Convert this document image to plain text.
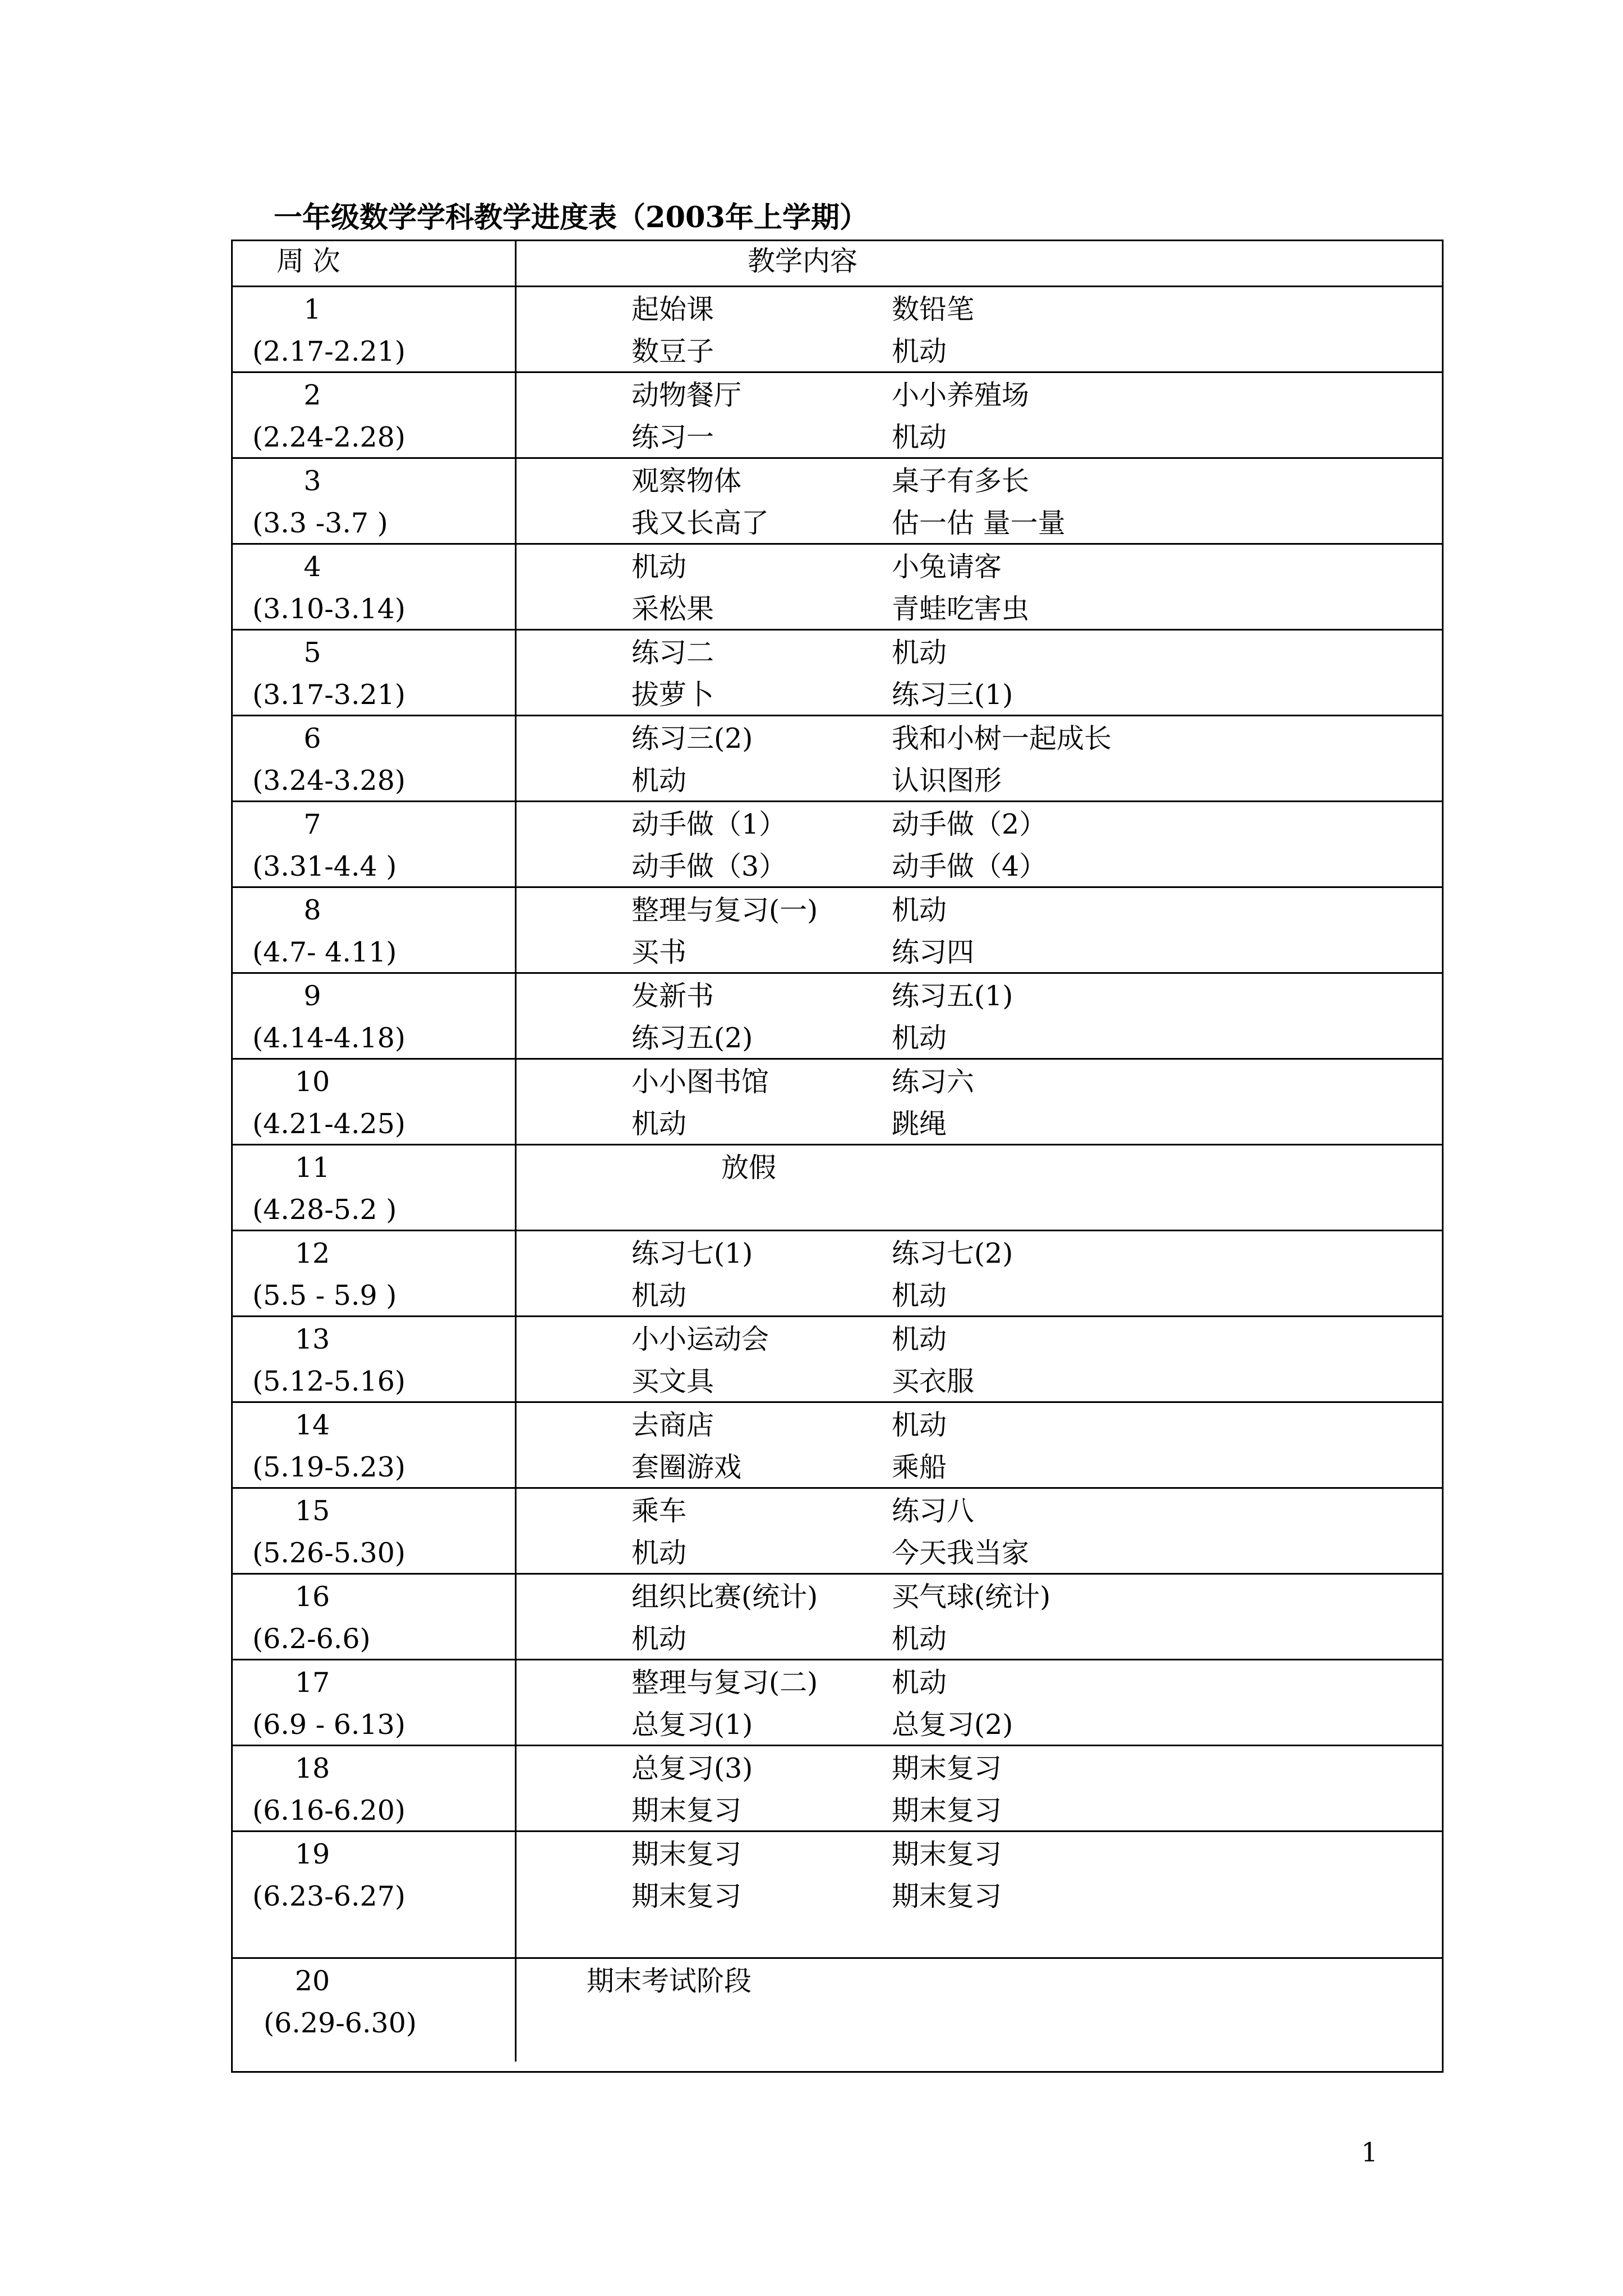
一年级数学学科教学进度表（2003年上学期）
周 次	教学内容
1
(2.17-2.21)
起始课	数铅笔
数豆子	机动
2
(2.24-2.28)
动物餐厅	小小养殖场
练习一	机动
3
(3.3 -3.7 )
观察物体	桌子有多长
我又长高了	估一估 量一量
4
(3.10-3.14)
机动	小兔请客
采松果	青蛙吃害虫
5
(3.17-3.21)
练习二	机动
拔萝卜	练习三(1)
6
(3.24-3.28)
练习三(2)	我和小树一起成长
机动	认识图形
7
(3.31-4.4 )
动手做（1）	动手做（2）
动手做（3）	动手做（4）
8
(4.7- 4.11)
整理与复习(一)	机动
买书	练习四
9
(4.14-4.18)
发新书	练习五(1)
练习五(2)	机动
10
(4.21-4.25)
小小图书馆	练习六
机动	跳绳
11
(4.28-5.2 )
放假
12
(5.5 - 5.9 )
练习七(1)	练习七(2)
机动	机动
13
(5.12-5.16)
小小运动会	机动
买文具	买衣服
14
(5.19-5.23)
去商店	机动
套圈游戏	乘船
15
(5.26-5.30)
乘车	练习八
机动	今天我当家
16
(6.2-6.6)
组织比赛(统计)	买气球(统计)
机动	机动
17
(6.9 - 6.13)
整理与复习(二)	机动
总复习(1)	总复习(2)
18
(6.16-6.20)
总复习(3)	期末复习
期末复习	期末复习
19
(6.23-6.27)
期末复习	期末复习
期末复习	期末复习
20
(6.29-6.30)
期末考试阶段
1
